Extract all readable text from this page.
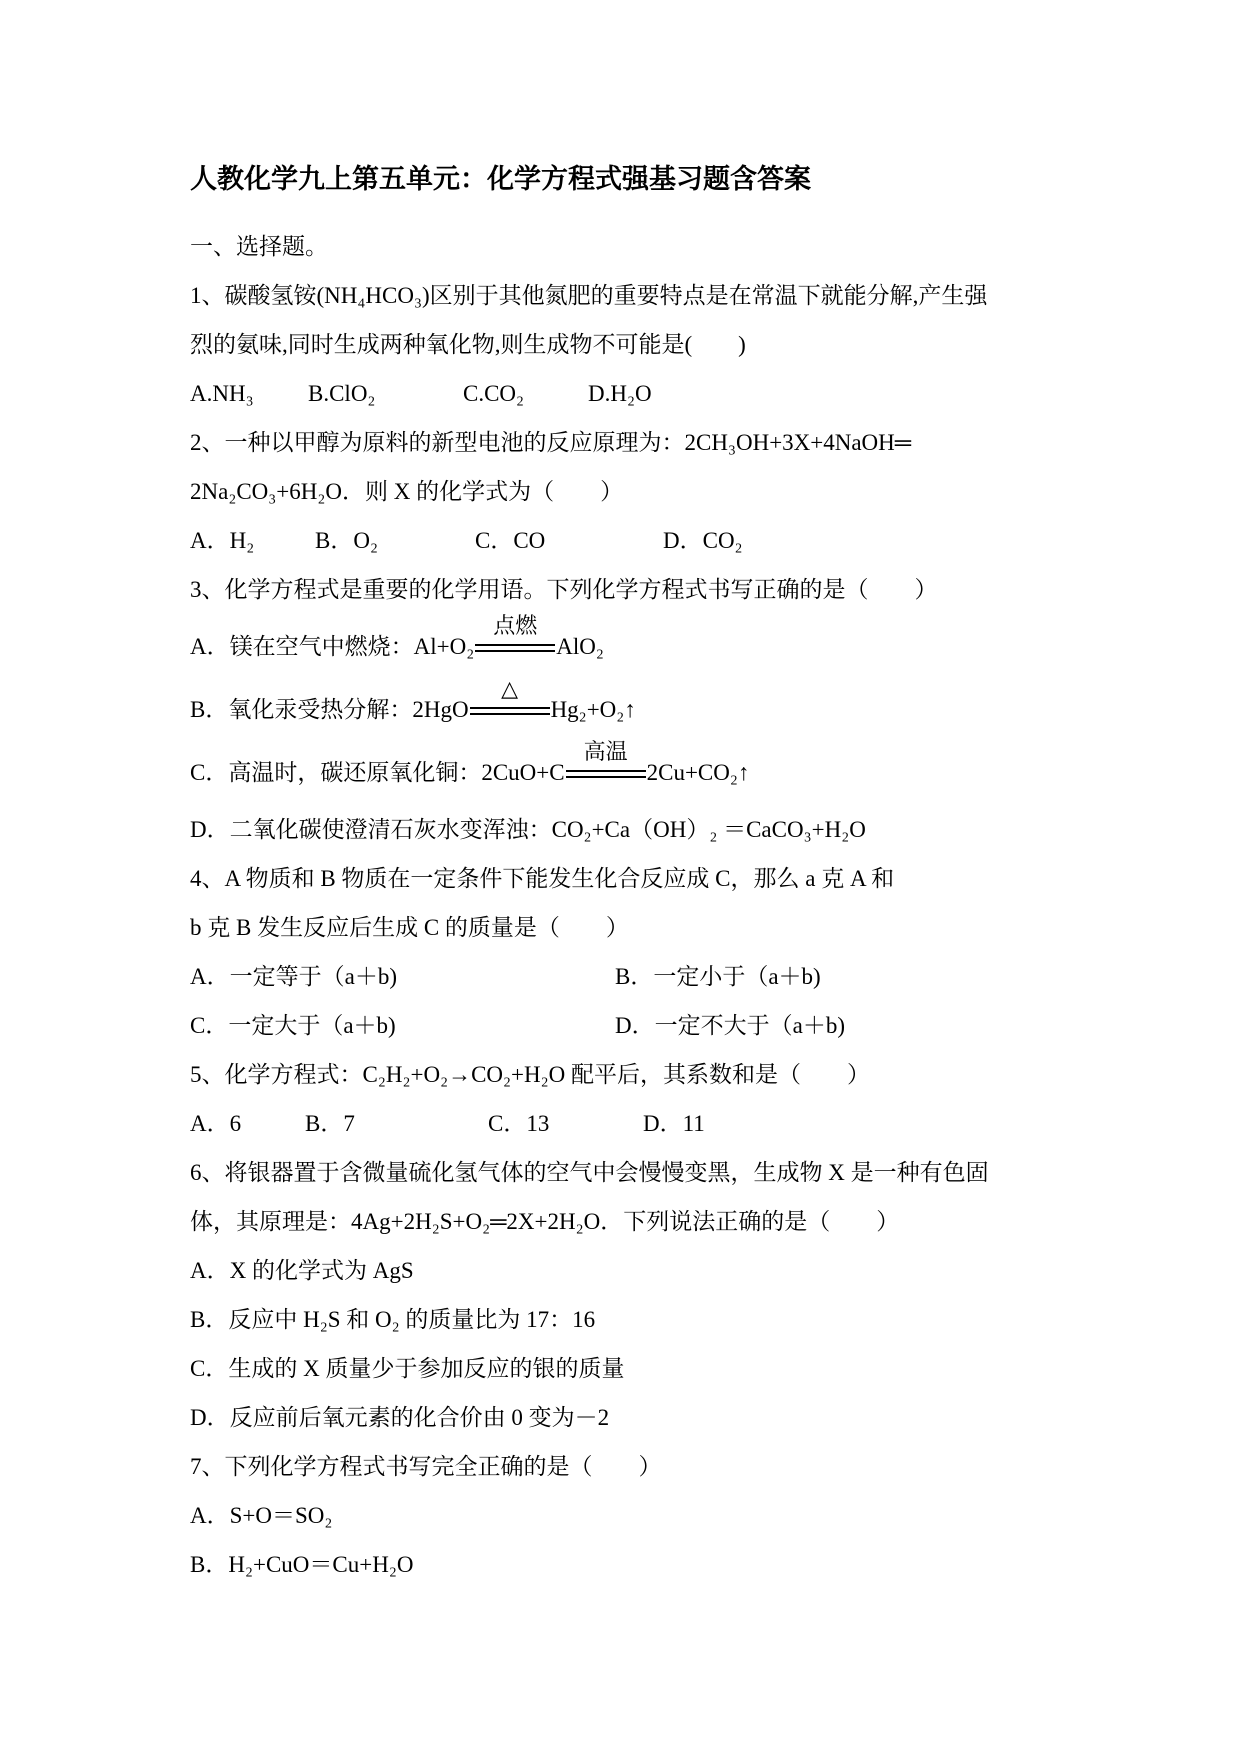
人教化学九上第五单元：化学方程式强基习题含答案
一、选择题。
1、碳酸氢铵(NH₄HCO₃)区别于其他氮肥的重要特点是在常温下就能分解,产生强
烈的氨味,同时生成两种氧化物,则生成物不可能是(　　)
A.NH₃ B.ClO₂	C.CO₂	D.H₂O
2、一种以甲醇为原料的新型电池的反应原理为：2CH₃OH+3X+4NaOH═
2Na₂CO₃+6H₂O．则 X 的化学式为（　　）
A．H₂	B．O₂	C．CO	D．CO₂
3、化学方程式是重要的化学用语。下列化学方程式书写正确的是（　　）
A．镁在空气中燃烧：Al+O₂
点燃
AlO₂
B．氧化汞受热分解：2HgO
△
Hg₂+O₂↑
C．高温时，碳还原氧化铜：2CuO+C
高温
2Cu+CO₂↑
D．二氧化碳使澄清石灰水变浑浊：CO₂+Ca（OH）₂ ＝CaCO₃+H₂O
4、A 物质和 B 物质在一定条件下能发生化合反应成 C，那么 a 克 A 和
b 克 B 发生反应后生成 C 的质量是（　　）
A．一定等于（a＋b)	B．一定小于（a＋b)
C．一定大于（a＋b)	D．一定不大于（a＋b)
5、化学方程式：C₂H₂+O₂→CO₂+H₂O 配平后，其系数和是（　　）
A．6	B．7	C．13	D．11
6、将银器置于含微量硫化氢气体的空气中会慢慢变黑，生成物 X 是一种有色固
体，其原理是：4Ag+2H₂S+O₂═2X+2H₂O．下列说法正确的是（　　）
A．X 的化学式为 AgS
B．反应中 H₂S 和 O₂ 的质量比为 17：16
C．生成的 X 质量少于参加反应的银的质量
D．反应前后氧元素的化合价由 0 变为－2
7、下列化学方程式书写完全正确的是（　　）
A．S+O＝SO₂
B．H₂+CuO＝Cu+H₂O
